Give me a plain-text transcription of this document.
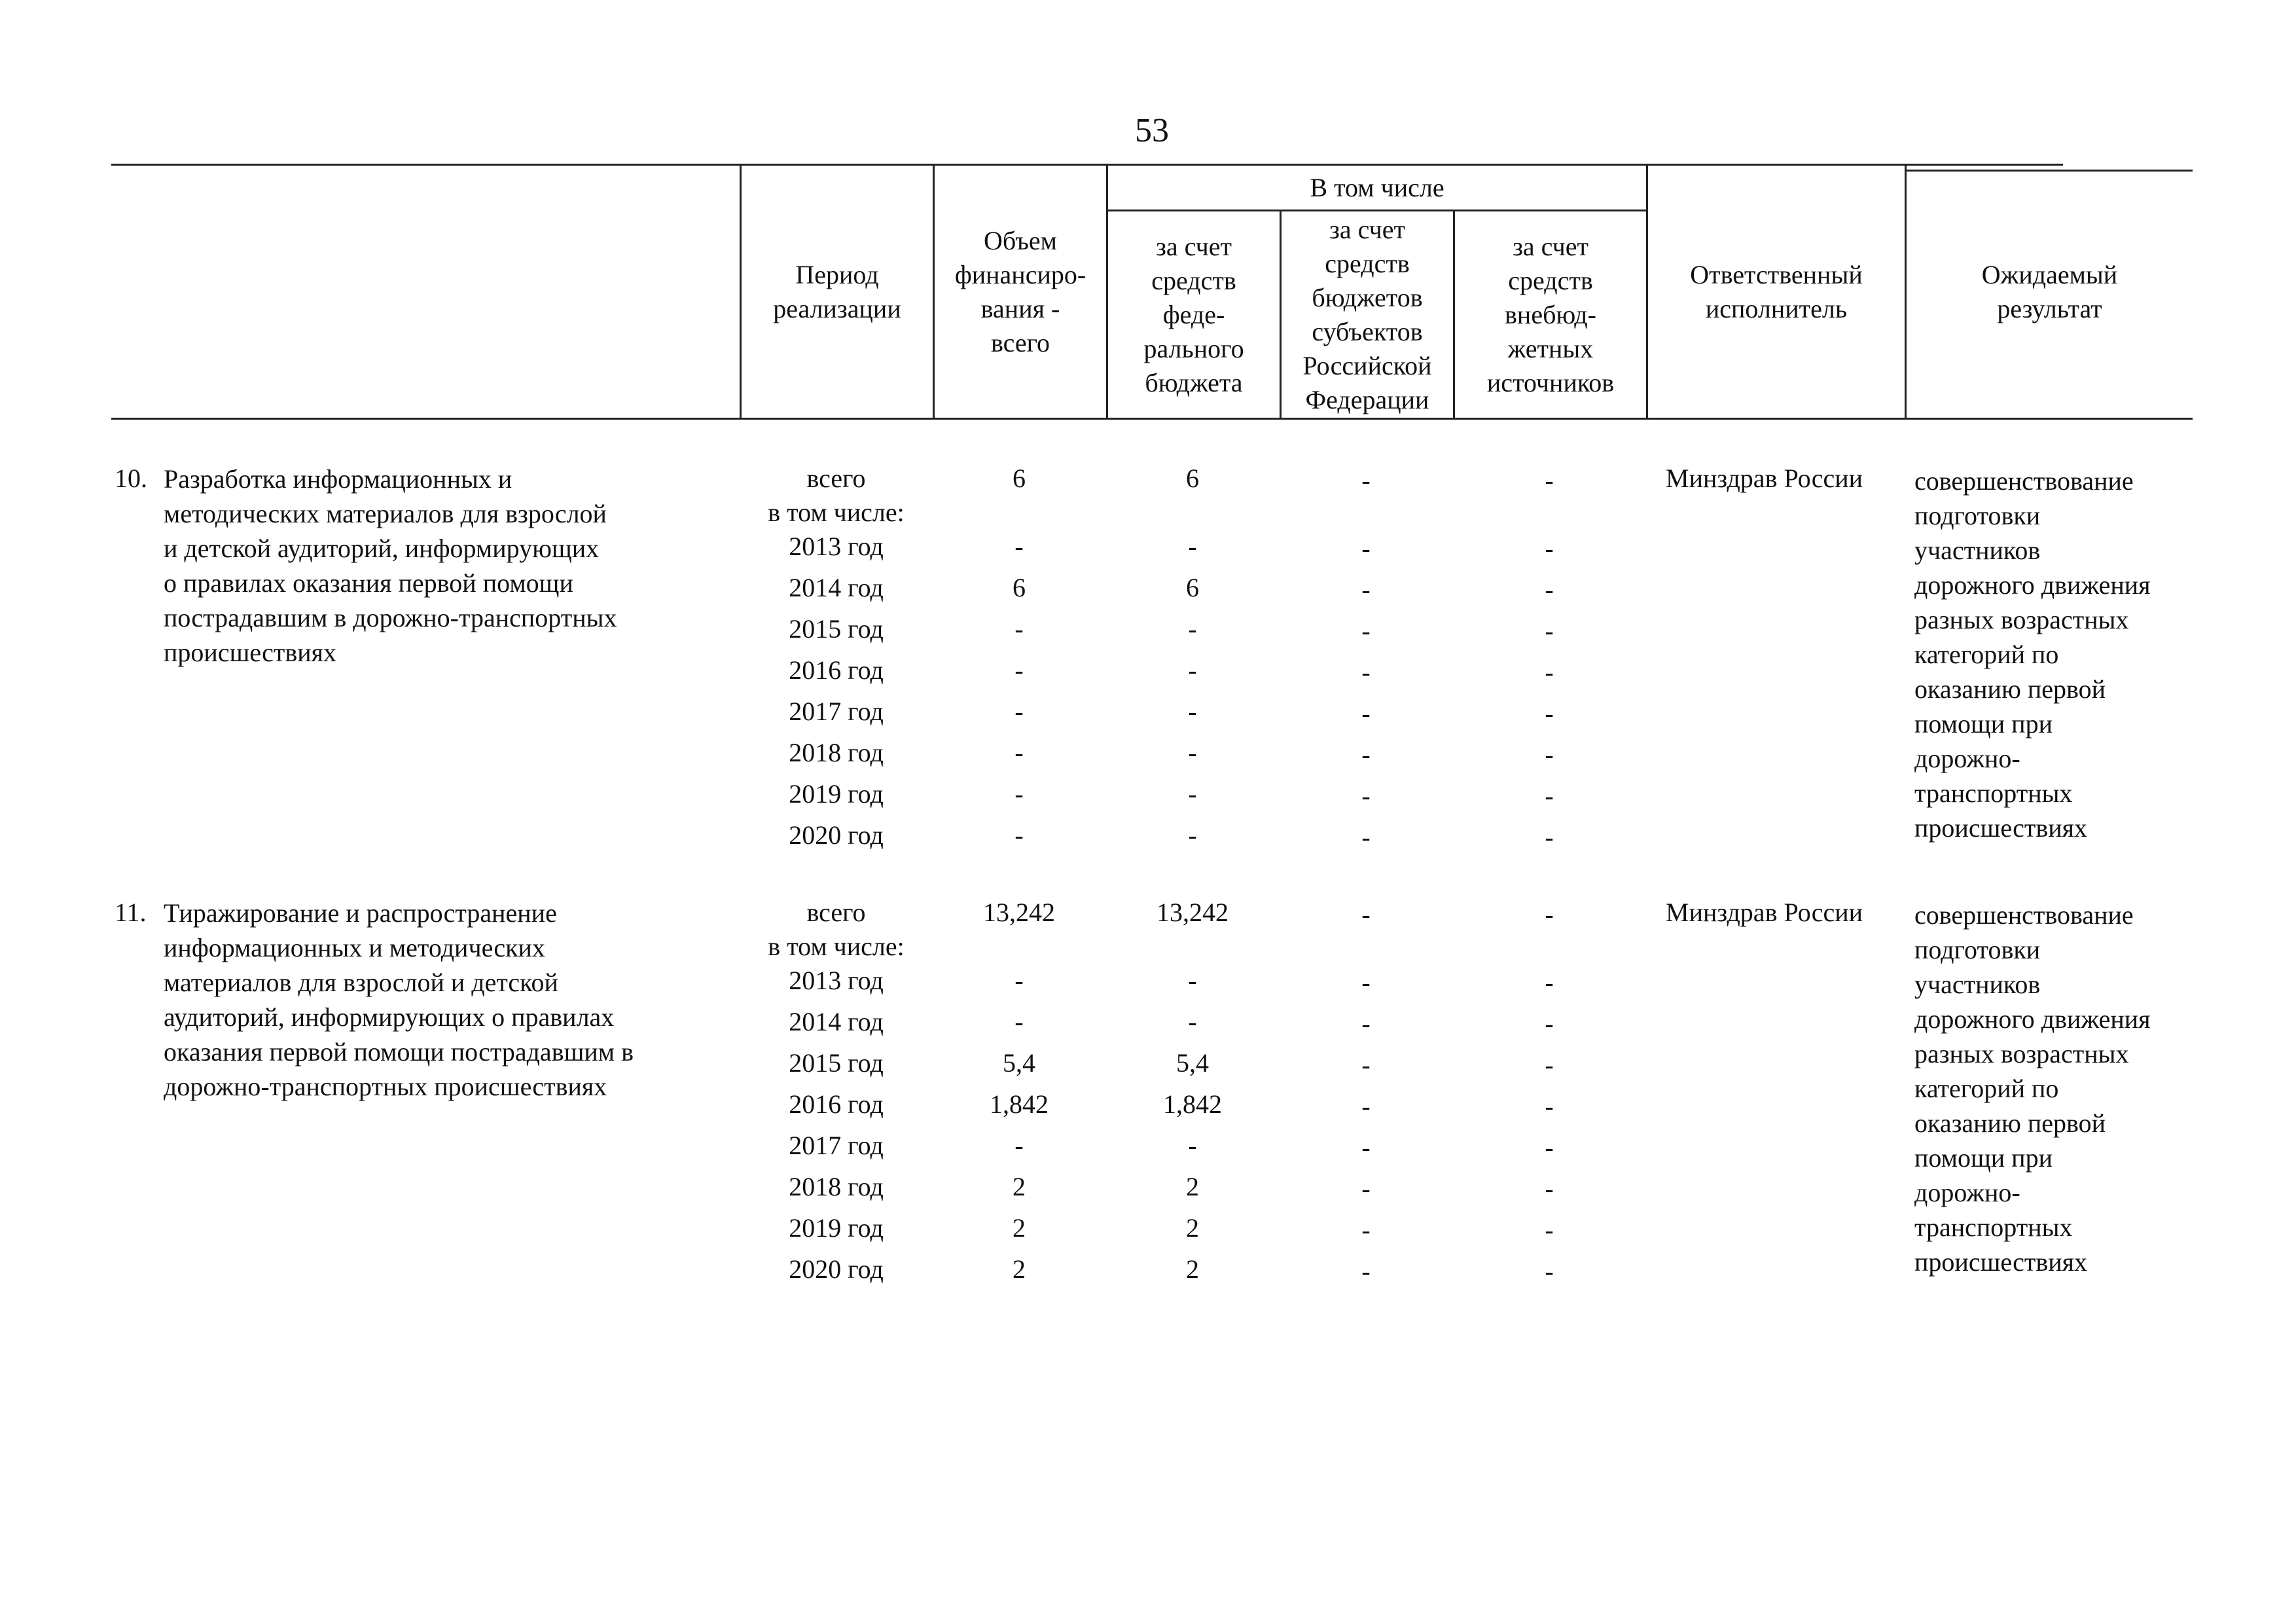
53
Период
реализации
Объем
финансиро-
вания -
всего
В том числе
за счет
средств
феде-
рального
бюджета
за счет
средств
бюджетов
субъектов
Российской
Федерации
за счет
средств
внебюд-
жетных
источников
Ответственный
исполнитель
Ожидаемый
результат
10. Разработка информационных и
методических материалов для взрослой
и детской аудиторий, информирующих
о правилах оказания первой помощи
пострадавшим в дорожно-транспортных
происшествиях
всего
в том числе:
2013 год
2014 год
2015 год
2016 год
2017 год
2018 год
2019 год
2020 год
6
-
6
-
-
-
-
-
-
6
-
6
-
-
-
-
-
-
-
-
-
-
-
-
-
-
-
-
-
-
-
-
-
-
-
-
Минздрав России совершенствование
подготовки
участников
дорожного движения
разных возрастных
категорий по
оказанию первой
помощи при
дорожно-
транспортных
происшествиях
11. Тиражирование и распространение
информационных и методических
материалов для взрослой и детской
аудиторий, информирующих о правилах
оказания первой помощи пострадавшим в
дорожно-транспортных происшествиях
всего
в том числе:
2013 год
2014 год
2015 год
2016 год
2017 год
2018 год
2019 год
2020 год
13,242
-
-
5,4
1,842
-
2
2
2
13,242
-
-
5,4
1,842
-
2
2
2
-
-
-
-
-
-
-
-
-
-
-
-
-
-
-
-
-
-
Минздрав России совершенствование
подготовки
участников
дорожного движения
разных возрастных
категорий по
оказанию первой
помощи при
дорожно-
транспортных
происшествиях
